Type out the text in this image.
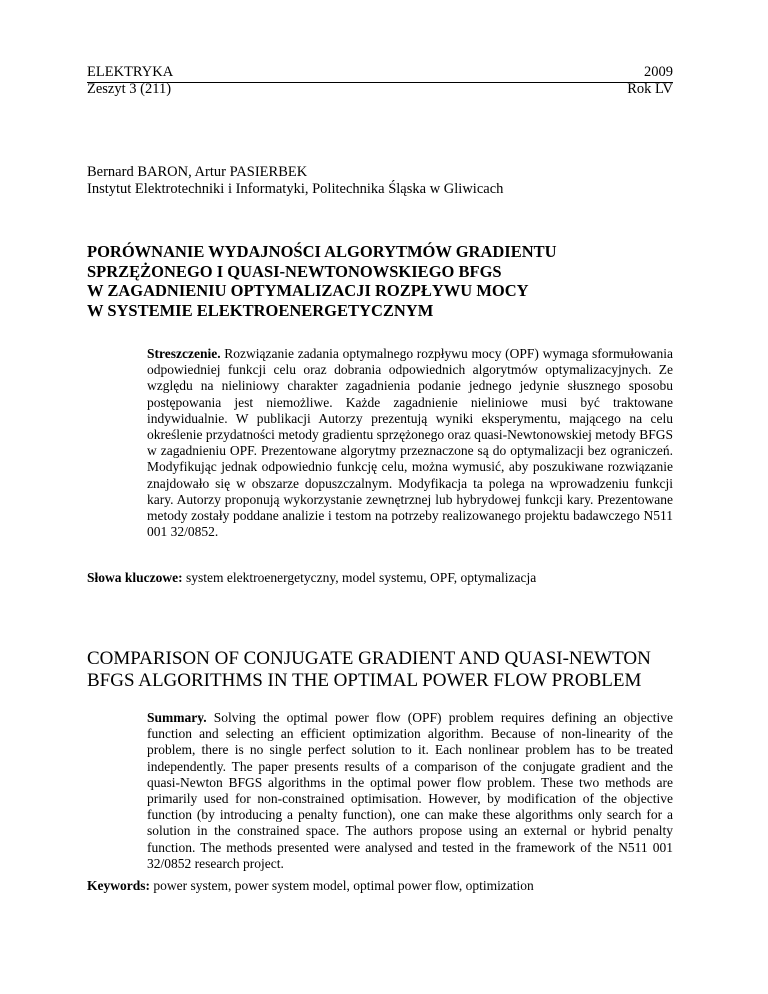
ELEKTRYKA
Zeszyt 3 (211)
2009
Rok LV
Bernard BARON, Artur PASIERBEK
Instytut Elektrotechniki i Informatyki, Politechnika Śląska w Gliwicach
PORÓWNANIE WYDAJNOŚCI ALGORYTMÓW GRADIENTU
SPRZĘŻONEGO I QUASI-NEWTONOWSKIEGO BFGS
W ZAGADNIENIU OPTYMALIZACJI ROZPŁYWU MOCY
W SYSTEMIE ELEKTROENERGETYCZNYM

Streszczenie. Rozwiązanie zadania optymalnego rozpływu mocy (OPF) wymaga sformułowania odpowiedniej funkcji celu oraz dobrania odpowiednich algorytmów optymalizacyjnych. Ze względu na nieliniowy charakter zagadnienia podanie jednego jedynie słusznego sposobu postępowania jest niemożliwe. Każde zagadnienie nieliniowe musi być traktowane indywidualnie. W publikacji Autorzy prezentują wyniki eksperymentu, mającego na celu określenie przydatności metody gradientu sprzężonego oraz quasi-Newtonowskiej metody BFGS w zagadnieniu OPF. Prezentowane algorytmy przeznaczone są do optymalizacji bez ograniczeń. Modyfikując jednak odpowiednio funkcję celu, można wymusić, aby poszukiwane rozwiązanie znajdowało się w obszarze dopuszczalnym. Modyfikacja ta polega na wprowadzeniu funkcji kary. Autorzy proponują wykorzystanie zewnętrznej lub hybrydowej funkcji kary. Prezentowane metody zostały poddane analizie i testom na potrzeby realizowanego projektu badawczego N511 001 32/0852.

Słowa kluczowe: system elektroenergetyczny, model systemu, OPF, optymalizacja

COMPARISON OF CONJUGATE GRADIENT AND QUASI-NEWTON
BFGS ALGORITHMS IN THE OPTIMAL POWER FLOW PROBLEM

Summary. Solving the optimal power flow (OPF) problem requires defining an objective function and selecting an efficient optimization algorithm. Because of non-linearity of the problem, there is no single perfect solution to it. Each nonlinear problem has to be treated independently. The paper presents results of a comparison of the conjugate gradient and the quasi-Newton BFGS algorithms in the optimal power flow problem. These two methods are primarily used for non-constrained optimisation. However, by modification of the objective function (by introducing a penalty function), one can make these algorithms only search for a solution in the constrained space. The authors propose using an external or hybrid penalty function. The methods presented were analysed and tested in the framework of the N511 001 32/0852 research project.

Keywords: power system, power system model, optimal power flow, optimization
